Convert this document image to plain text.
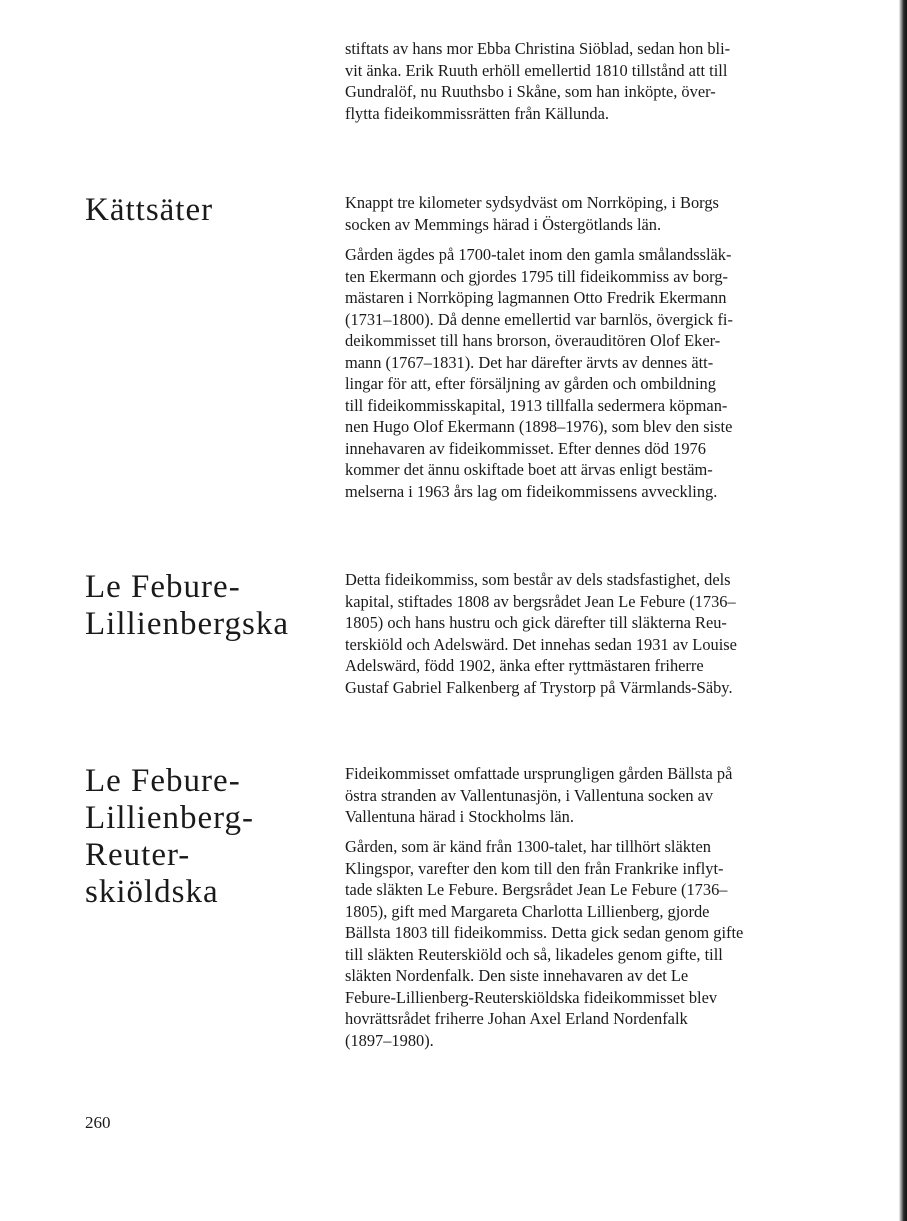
stiftats av hans mor Ebba Christina Siöblad, sedan hon bli-
vit änka. Erik Ruuth erhöll emellertid 1810 tillstånd att till
Gundralöf, nu Ruuthsbo i Skåne, som han inköpte, över-
flytta fideikommissrätten från Källunda.

Kättsäter	Knappt tre kilometer sydsydväst om Norrköping, i Borgs
socken av Memmings härad i Östergötlands län.

Gården ägdes på 1700-talet inom den gamla smålandssläk-
ten Ekermann och gjordes 1795 till fideikommiss av borg-
mästaren i Norrköping lagmannen Otto Fredrik Ekermann
(1731–1800). Då denne emellertid var barnlös, övergick fi-
deikommisset till hans brorson, överauditören Olof Eker-
mann (1767–1831). Det har därefter ärvts av dennes ätt-
lingar för att, efter försäljning av gården och ombildning
till fideikommisskapital, 1913 tillfalla sedermera köpman-
nen Hugo Olof Ekermann (1898–1976), som blev den siste
innehavaren av fideikommisset. Efter dennes död 1976
kommer det ännu oskiftade boet att ärvas enligt bestäm-
melserna i 1963 års lag om fideikommissens avveckling.

Le Febure-
Lillienbergska

Detta fideikommiss, som består av dels stadsfastighet, dels
kapital, stiftades 1808 av bergsrådet Jean Le Febure (1736–
1805) och hans hustru och gick därefter till släkterna Reu-
terskiöld och Adelswärd. Det innehas sedan 1931 av Louise
Adelswärd, född 1902, änka efter ryttmästaren friherre
Gustaf Gabriel Falkenberg af Trystorp på Värmlands-Säby.

Le Febure-
Lillienberg-
Reuter-
skiöldska

Fideikommisset omfattade ursprungligen gården Bällsta på
östra stranden av Vallentunasjön, i Vallentuna socken av
Vallentuna härad i Stockholms län.

Gården, som är känd från 1300-talet, har tillhört släkten
Klingspor, varefter den kom till den från Frankrike inflyt-
tade släkten Le Febure. Bergsrådet Jean Le Febure (1736–
1805), gift med Margareta Charlotta Lillienberg, gjorde
Bällsta 1803 till fideikommiss. Detta gick sedan genom gifte
till släkten Reuterskiöld och så, likadeles genom gifte, till
släkten Nordenfalk. Den siste innehavaren av det Le
Febure-Lillienberg-Reuterskiöldska fideikommisset blev
hovrättsrådet friherre Johan Axel Erland Nordenfalk
(1897–1980).

260
